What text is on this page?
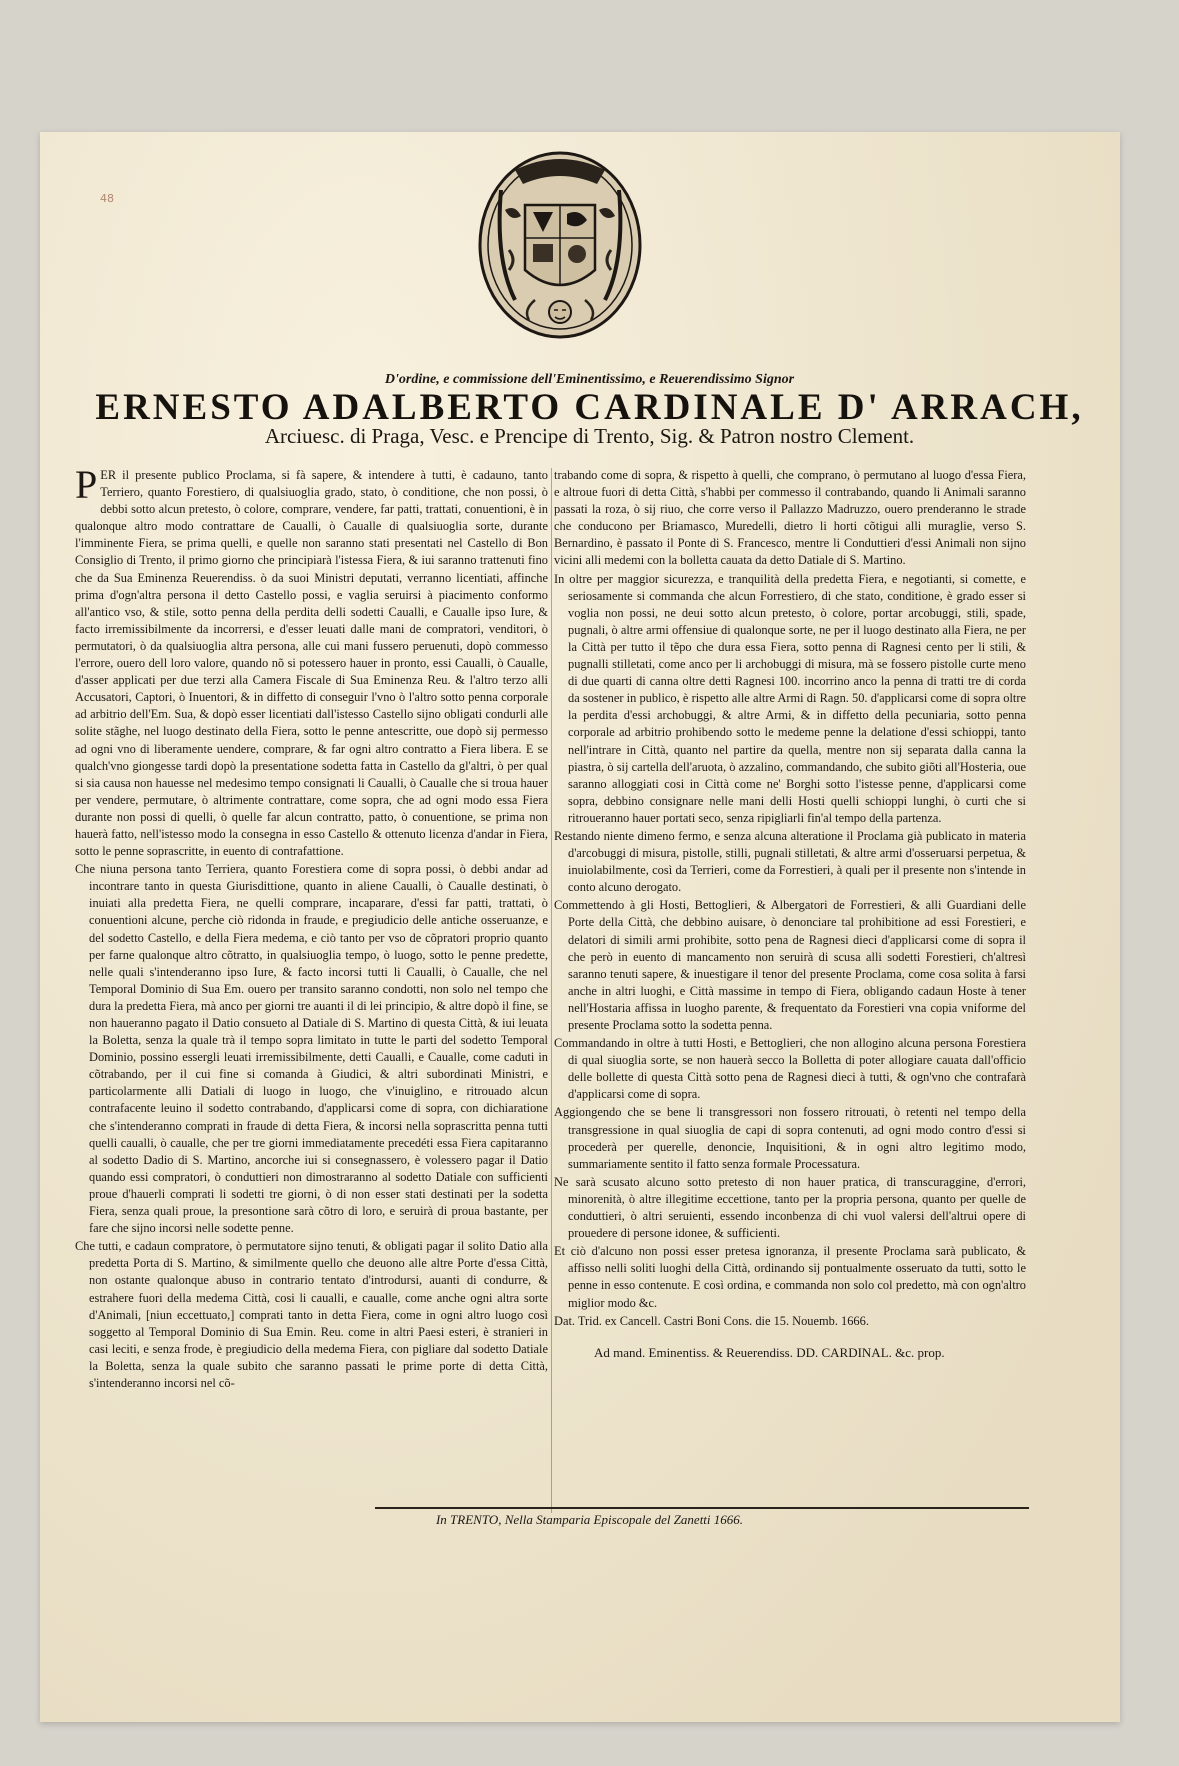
48
D'ordine, e commissione dell'Eminentissimo, e Reuerendissimo Signor
ERNESTO ADALBERTO CARDINALE D' ARRACH,
Arciuesc. di Praga, Vesc. e Prencipe di Trento, Sig. & Patron nostro Clement.

PER il presente publico Proclama, si fà sapere, & intendere à tutti, è cadauno, tanto Terriero, quanto Forestiero, di qualsiuoglia grado, stato, ò conditione, che non possi, ò debbi sotto alcun pretesto, ò colore, comprare, vendere, far patti, trattati, conuentioni, è in qualonque altro modo contrattare de Caualli, ò Caualle di qualsiuoglia sorte, durante l'imminente Fiera, se prima quelli, e quelle non saranno stati presentati nel Castello di Bon Consiglio di Trento, il primo giorno che principiarà l'istessa Fiera, & iui saranno trattenuti fino che da Sua Eminenza Reuerendiss. ò da suoi Ministri deputati, verranno licentiati, affinche prima d'ogn'altra persona il detto Castello possi, e vaglia seruirsi à piacimento conformo all'antico vso, & stile, sotto penna della perdita delli sodetti Caualli, e Caualle ipso Iure, & facto irremissibilmente da incorrersi, e d'esser leuati dalle mani de compratori, venditori, ò permutatori, ò da qualsiuoglia altra persona, alle cui mani fussero peruenuti, dopò commesso l'errore, ouero dell loro valore, quando nõ si potessero hauer in pronto, essi Caualli, ò Caualle, d'asser applicati per due terzi alla Camera Fiscale di Sua Eminenza Reu. & l'altro terzo alli Accusatori, Captori, ò Inuentori, & in diffetto di conseguir l'vno ò l'altro sotto penna corporale ad arbitrio dell'Em. Sua, & dopò esser licentiati dall'istesso Castello sijno obligati condurli alle solite stãghe, nel luogo destinato della Fiera, sotto le penne antescritte, oue dopò sij permesso ad ogni vno di liberamente uendere, comprare, & far ogni altro contratto a Fiera libera. E se qualch'vno giongesse tardi dopò la presentatione sodetta fatta in Castello da gl'altri, ò per qual si sia causa non hauesse nel medesimo tempo consignati li Caualli, ò Caualle che si troua hauer per vendere, permutare, ò altrimente contrattare, come sopra, che ad ogni modo essa Fiera durante non possi di quelli, ò quelle far alcun contratto, patto, ò conuentione, se prima non hauerà fatto, nell'istesso modo la consegna in esso Castello & ottenuto licenza d'andar in Fiera, sotto le penne soprascritte, in euento di contrafattione.

Che niuna persona tanto Terriera, quanto Forestiera come di sopra possi, ò debbi andar ad incontrare tanto in questa Giurisdittione, quanto in aliene Caualli, ò Caualle destinati, ò inuiati alla predetta Fiera, ne quelli comprare, incaparare, d'essi far patti, trattati, ò conuentioni alcune, perche ciò ridonda in fraude, e pregiudicio delle antiche osseruanze, e del sodetto Castello, e della Fiera medema, e ciò tanto per vso de cõpratori proprio quanto per farne qualonque altro cõtratto, in qualsiuoglia tempo, ò luogo, sotto le penne predette, nelle quali s'intenderanno ipso Iure, & facto incorsi tutti li Caualli, ò Caualle, che nel Temporal Dominio di Sua Em. ouero per transito saranno condotti, non solo nel tempo che dura la predetta Fiera, mà anco per giorni tre auanti il di lei principio, & altre dopò il fine, se non haueranno pagato il Datio consueto al Datiale di S. Martino di questa Città, & iui leuata la Boletta, senza la quale trà il tempo sopra limitato in tutte le parti del sodetto Temporal Dominio, possino essergli leuati irremissibilmente, detti Caualli, e Caualle, come caduti in cõtrabando, per il cui fine si comanda à Giudici, & altri subordinati Ministri, e particolarmente alli Datiali di luogo in luogo, che v'inuiglino, e ritrouado alcun contrafacente leuino il sodetto contrabando, d'applicarsi come di sopra, con dichiaratione che s'intenderanno comprati in fraude di detta Fiera, & incorsi nella soprascritta penna tutti quelli caualli, ò caualle, che per tre giorni immediatamente precedéti essa Fiera capitaranno al sodetto Dadio di S. Martino, ancorche iui si consegnassero, è volessero pagar il Datio quando essi compratori, ò conduttieri non dimostraranno al sodetto Datiale con sufficienti proue d'hauerli comprati li sodetti tre giorni, ò di non esser stati destinati per la sodetta Fiera, senza quali proue, la presontione sarà cõtro di loro, e seruirà di proua bastante, per fare che sijno incorsi nelle sodette penne.

Che tutti, e cadaun compratore, ò permutatore sijno tenuti, & obligati pagar il solito Datio alla predetta Porta di S. Martino, & similmente quello che deuono alle altre Porte d'essa Città, non ostante qualonque abuso in contrario tentato d'introdursi, auanti di condurre, & estrahere fuori della medema Città, cosi li caualli, e caualle, come anche ogni altra sorte d'Animali, [niun eccettuato,] comprati tanto in detta Fiera, come in ogni altro luogo così soggetto al Temporal Dominio di Sua Emin. Reu. come in altri Paesi esteri, è stranieri in casi leciti, e senza frode, è pregiudicio della medema Fiera, con pigliare dal sodetto Datiale la Boletta, senza la quale subito che saranno passati le prime porte di detta Città, s'intenderanno incorsi nel cõ-

trabando come di sopra, & rispetto à quelli, che comprano, ò permutano al luogo d'essa Fiera, e altroue fuori di detta Città, s'habbi per commesso il contrabando, quando li Animali saranno passati la roza, ò sij riuo, che corre verso il Pallazzo Madruzzo, ouero prenderanno le strade che conducono per Briamasco, Muredelli, dietro li horti cõtigui alli muraglie, verso S. Bernardino, è passato il Ponte di S. Francesco, mentre li Conduttieri d'essi Animali non sijno vicini alli medemi con la bolletta cauata da detto Datiale di S. Martino.

In oltre per maggior sicurezza, e tranquilità della predetta Fiera, e negotianti, si comette, e seriosamente si commanda che alcun Forrestiero, di che stato, conditione, è grado esser si voglia non possi, ne deui sotto alcun pretesto, ò colore, portar arcobuggi, stili, spade, pugnali, ò altre armi offensiue di qualonque sorte, ne per il luogo destinato alla Fiera, ne per la Città per tutto il tẽpo che dura essa Fiera, sotto penna di Ragnesi cento per li stili, & pugnalli stilletati, come anco per li archobuggi di misura, mà se fossero pistolle curte meno di due quarti di canna oltre detti Ragnesi 100. incorrino anco la penna di tratti tre di corda da sostener in publico, è rispetto alle altre Armi di Ragn. 50. d'applicarsi come di sopra oltre la perdita d'essi archobuggi, & altre Armi, & in diffetto della pecuniaria, sotto penna corporale ad arbitrio prohibendo sotto le medeme penne la delatione d'essi schioppi, tanto nell'intrare in Città, quanto nel partire da quella, mentre non sij separata dalla canna la piastra, ò sij cartella dell'aruota, ò azzalino, commandando, che subito giõti all'Hosteria, oue saranno alloggiati cosi in Città come ne' Borghi sotto l'istesse penne, d'applicarsi come sopra, debbino consignare nelle mani delli Hosti quelli schioppi lunghi, ò curti che si ritroueranno hauer portati seco, senza ripigliarli fin'al tempo della partenza.

Restando niente dimeno fermo, e senza alcuna alteratione il Proclama già publicato in materia d'arcobuggi di misura, pistolle, stilli, pugnali stilletati, & altre armi d'osseruarsi perpetua, & inuiolabilmente, così da Terrieri, come da Forrestieri, à quali per il presente non s'intende in conto alcuno derogato.

Commettendo à gli Hosti, Bettoglieri, & Albergatori de Forrestieri, & alli Guardiani delle Porte della Città, che debbino auisare, ò denonciare tal prohibitione ad essi Forestieri, e delatori di simili armi prohibite, sotto pena de Ragnesi dieci d'applicarsi come di sopra il che però in euento di mancamento non seruirà di scusa alli sodetti Forestieri, ch'altresì saranno tenuti sapere, & inuestigare il tenor del presente Proclama, come cosa solita à farsi anche in altri luoghi, e Città massime in tempo di Fiera, obligando cadaun Hoste à tener nell'Hostaria affissa in luogho parente, & frequentato da Forestieri vna copia vniforme del presente Proclama sotto la sodetta penna.

Commandando in oltre à tutti Hosti, e Bettoglieri, che non allogino alcuna persona Forestiera di qual siuoglia sorte, se non hauerà secco la Bolletta di poter allogiare cauata dall'officio delle bollette di questa Città sotto pena de Ragnesi dieci à tutti, & ogn'vno che contrafarà d'applicarsi come di sopra.

Aggiongendo che se bene li transgressori non fossero ritrouati, ò retenti nel tempo della transgressione in qual siuoglia de capi di sopra contenuti, ad ogni modo contro d'essi si procederà per querelle, denoncie, Inquisitioni, & in ogni altro legitimo modo, summariamente sentito il fatto senza formale Processatura.

Ne sarà scusato alcuno sotto pretesto di non hauer pratica, di transcuraggine, d'errori, minorenità, ò altre illegitime eccettione, tanto per la propria persona, quanto per quelle de conduttieri, ò altri seruienti, essendo inconbenza di chi vuol valersi dell'altrui opere di prouedere di persone idonee, & sufficienti.

Et ciò d'alcuno non possi esser pretesa ignoranza, il presente Proclama sarà publicato, & affisso nelli soliti luoghi della Città, ordinando sij pontualmente osseruato da tutti, sotto le penne in esso contenute. E così ordina, e commanda non solo col predetto, mà con ogn'altro miglior modo &c.

Dat. Trid. ex Cancell. Castri Boni Cons. die 15. Nouemb. 1666.

Ad mand. Eminentiss. & Reuerendiss. DD. CARDINAL. &c. prop.

In TRENTO, Nella Stamparia Episcopale del Zanetti 1666.
